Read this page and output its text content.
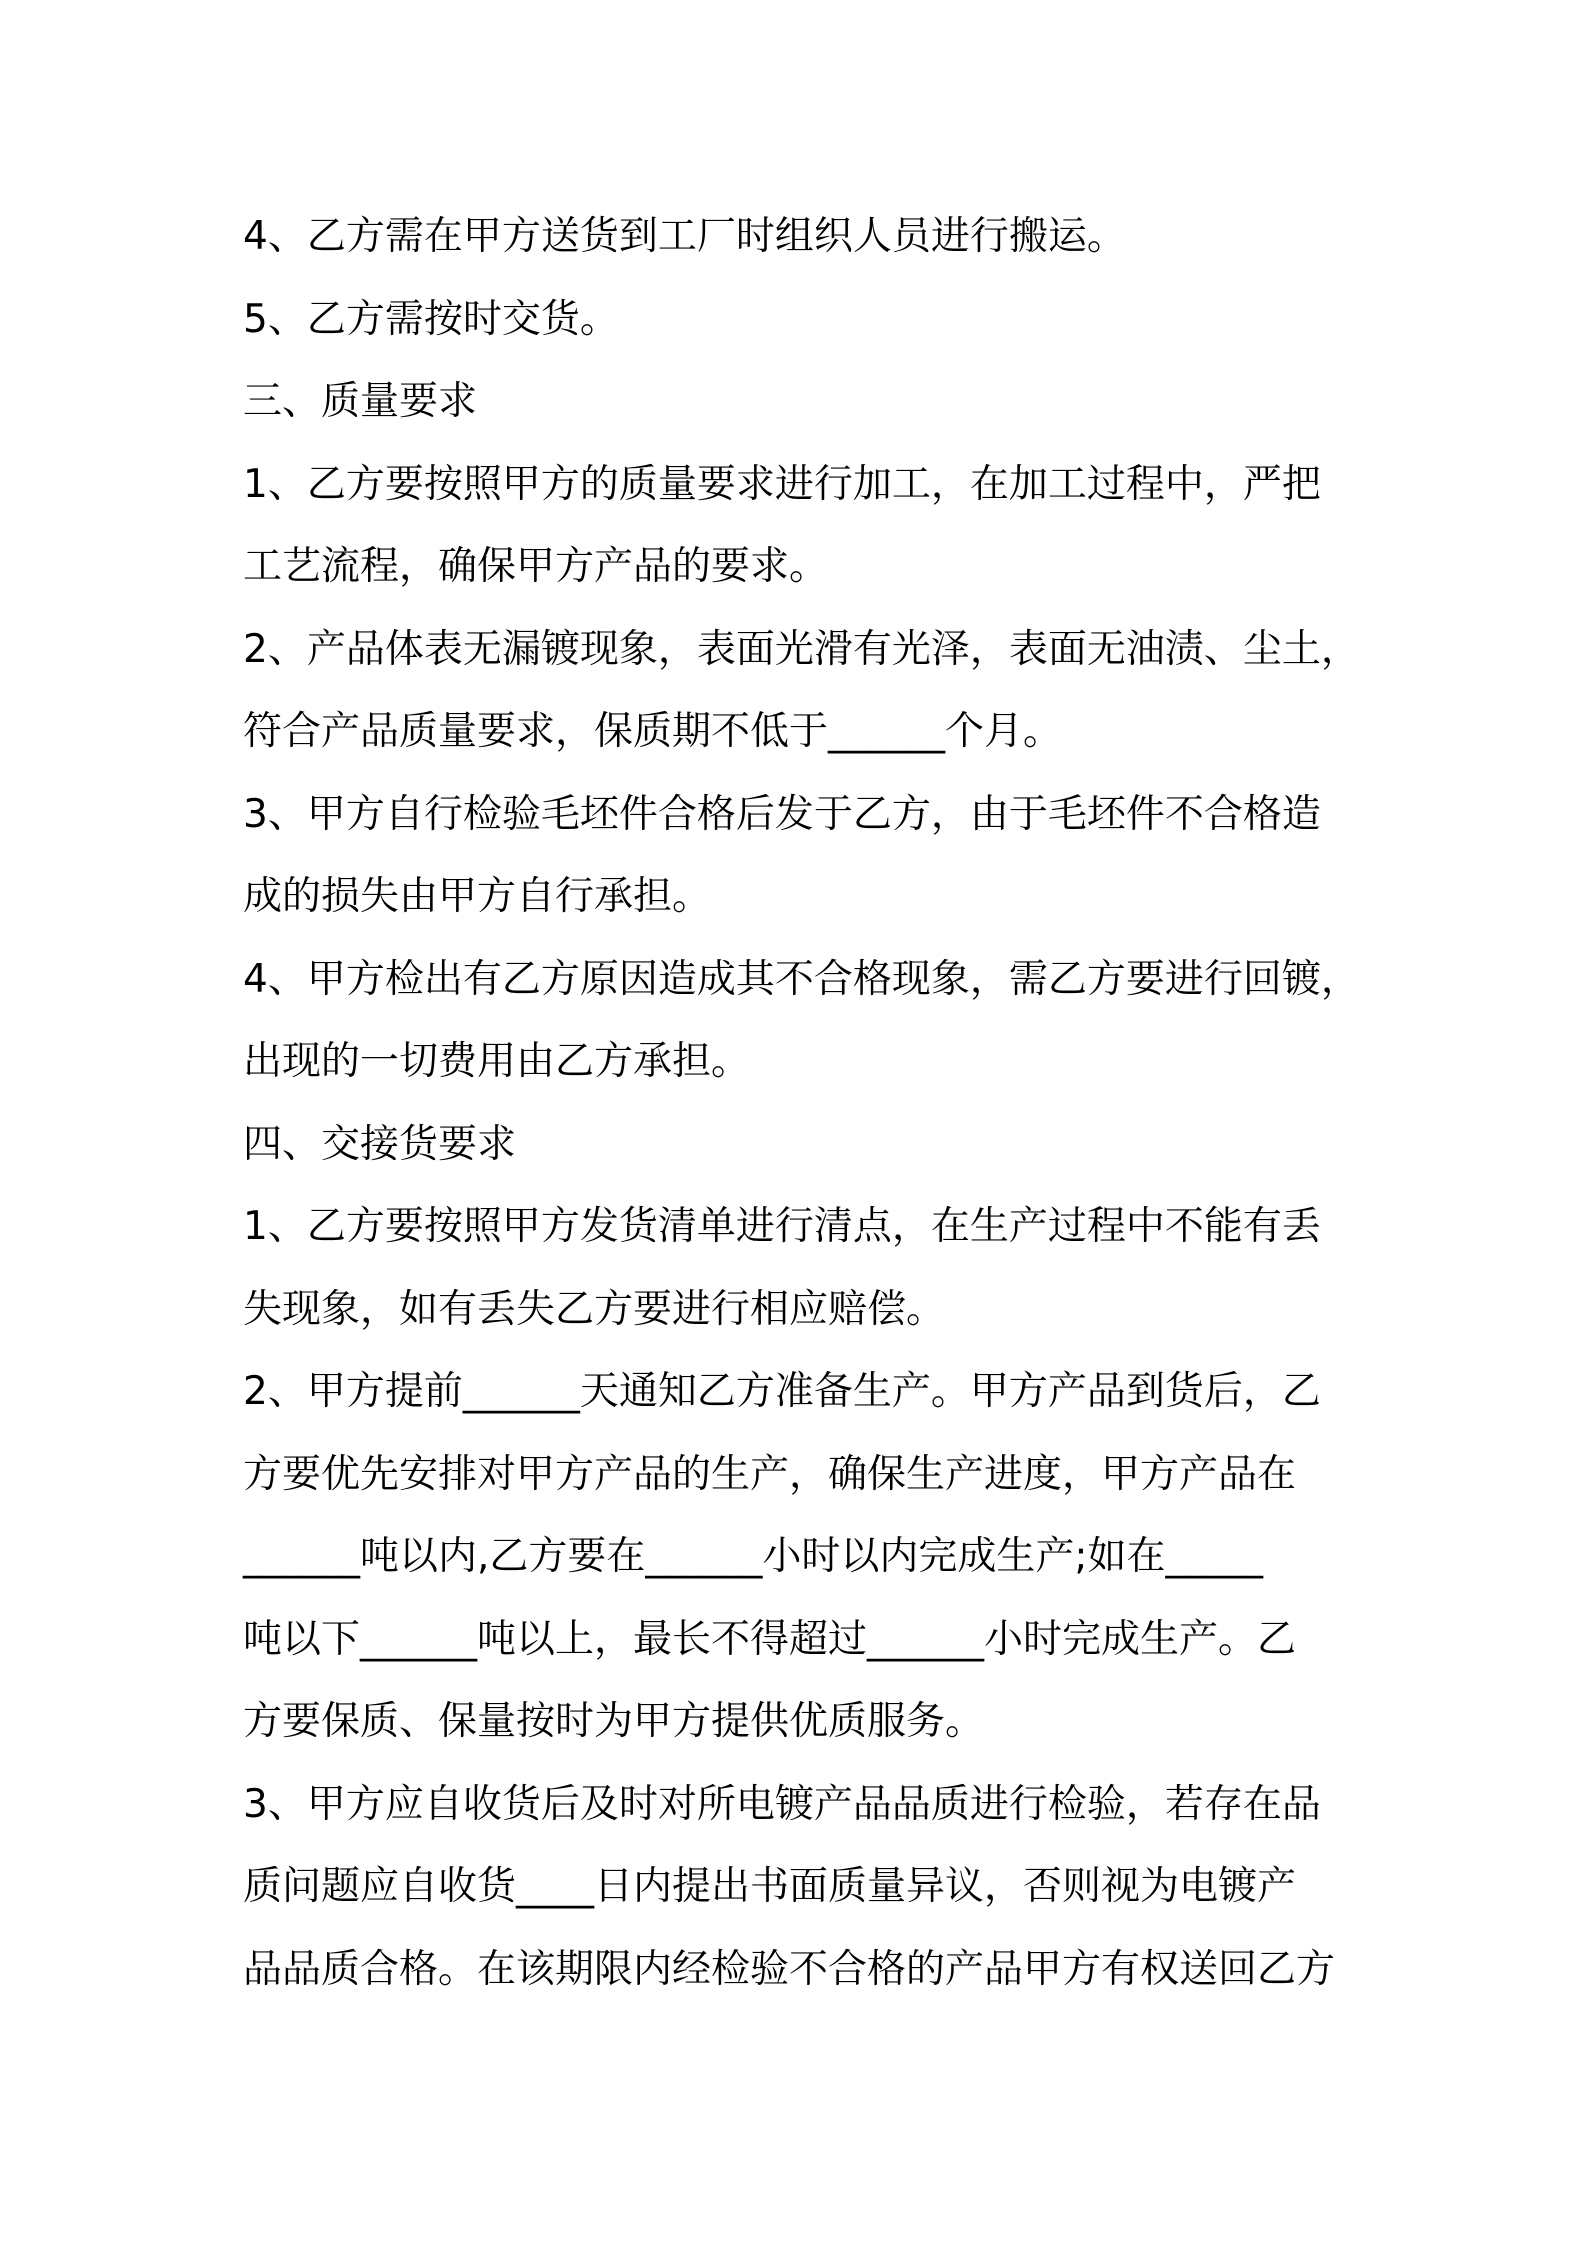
4、乙方需在甲方送货到工厂时组织人员进行搬运。

5、乙方需按时交货。

三、质量要求

1、乙方要按照甲方的质量要求进行加工，在加工过程中，严把

工艺流程，确保甲方产品的要求。

2、产品体表无漏镀现象，表面光滑有光泽，表面无油渍、尘土，

符合产品质量要求，保质期不低于______个月。

3、甲方自行检验毛坯件合格后发于乙方，由于毛坯件不合格造

成的损失由甲方自行承担。

4、甲方检出有乙方原因造成其不合格现象，需乙方要进行回镀，

出现的一切费用由乙方承担。

四、交接货要求

1、乙方要按照甲方发货清单进行清点，在生产过程中不能有丢

失现象，如有丢失乙方要进行相应赔偿。

2、甲方提前______天通知乙方准备生产。甲方产品到货后，乙

方要优先安排对甲方产品的生产，确保生产进度，甲方产品在

______吨以内,乙方要在______小时以内完成生产;如在_____

吨以下______吨以上，最长不得超过______小时完成生产。乙

方要保质、保量按时为甲方提供优质服务。

3、甲方应自收货后及时对所电镀产品品质进行检验，若存在品

质问题应自收货____日内提出书面质量异议，否则视为电镀产

品品质合格。在该期限内经检验不合格的产品甲方有权送回乙方
